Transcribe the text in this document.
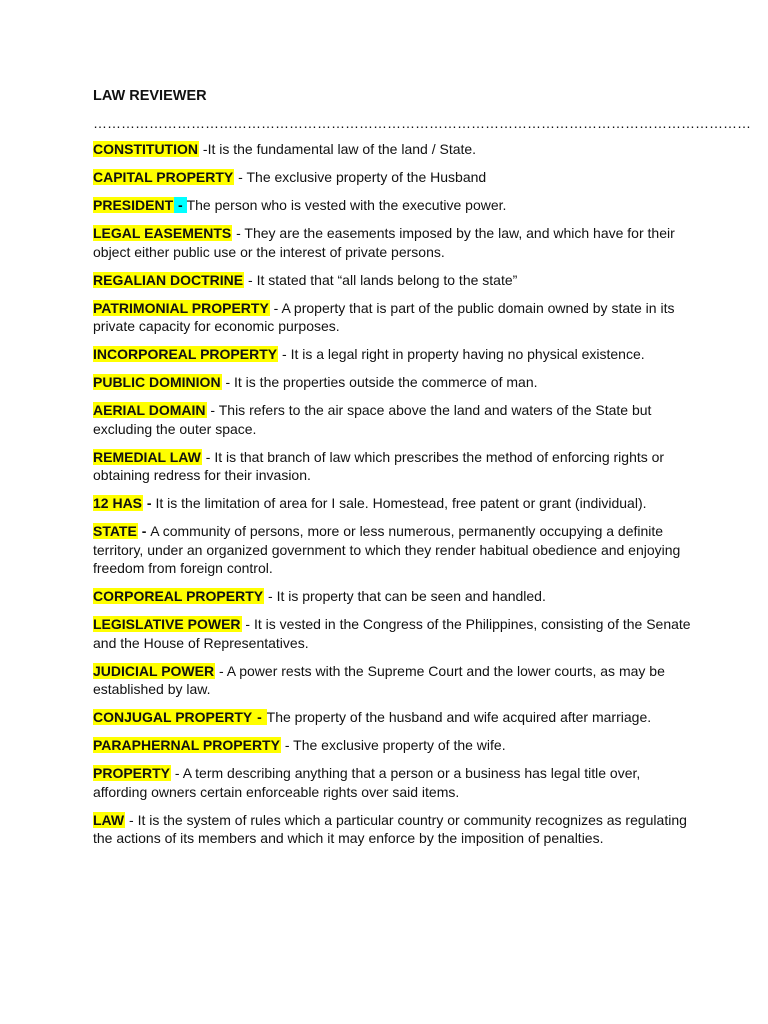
LAW REVIEWER
……………………………………………………………………………………………………………………………
CONSTITUTION -It is the fundamental law of the land / State.
CAPITAL PROPERTY - The exclusive property of the Husband
PRESIDENT - The person who is vested with the executive power.
LEGAL EASEMENTS - They are the easements imposed by the law, and which have for their object either public use or the interest of private persons.
REGALIAN DOCTRINE - It stated that “all lands belong to the state”
PATRIMONIAL PROPERTY - A property that is part of the public domain owned by state in its private capacity for economic purposes.
INCORPOREAL PROPERTY - It is a legal right in property having no physical existence.
PUBLIC DOMINION - It is the properties outside the commerce of man.
AERIAL DOMAIN - This refers to the air space above the land and waters of the State but excluding the outer space.
REMEDIAL LAW - It is that branch of law which prescribes the method of enforcing rights or obtaining redress for their invasion.
12 HAS - It is the limitation of area for I sale. Homestead, free patent or grant (individual).
STATE - A community of persons, more or less numerous, permanently occupying a definite territory, under an organized government to which they render habitual obedience and enjoying freedom from foreign control.
CORPOREAL PROPERTY - It is property that can be seen and handled.
LEGISLATIVE POWER - It is vested in the Congress of the Philippines, consisting of the Senate and the House of Representatives.
JUDICIAL POWER - A power rests with the Supreme Court and the lower courts, as may be established by law.
CONJUGAL PROPERTY - The property of the husband and wife acquired after marriage.
PARAPHERNAL PROPERTY - The exclusive property of the wife.
PROPERTY - A term describing anything that a person or a business has legal title over, affording owners certain enforceable rights over said items.
LAW - It is the system of rules which a particular country or community recognizes as regulating the actions of its members and which it may enforce by the imposition of penalties.
